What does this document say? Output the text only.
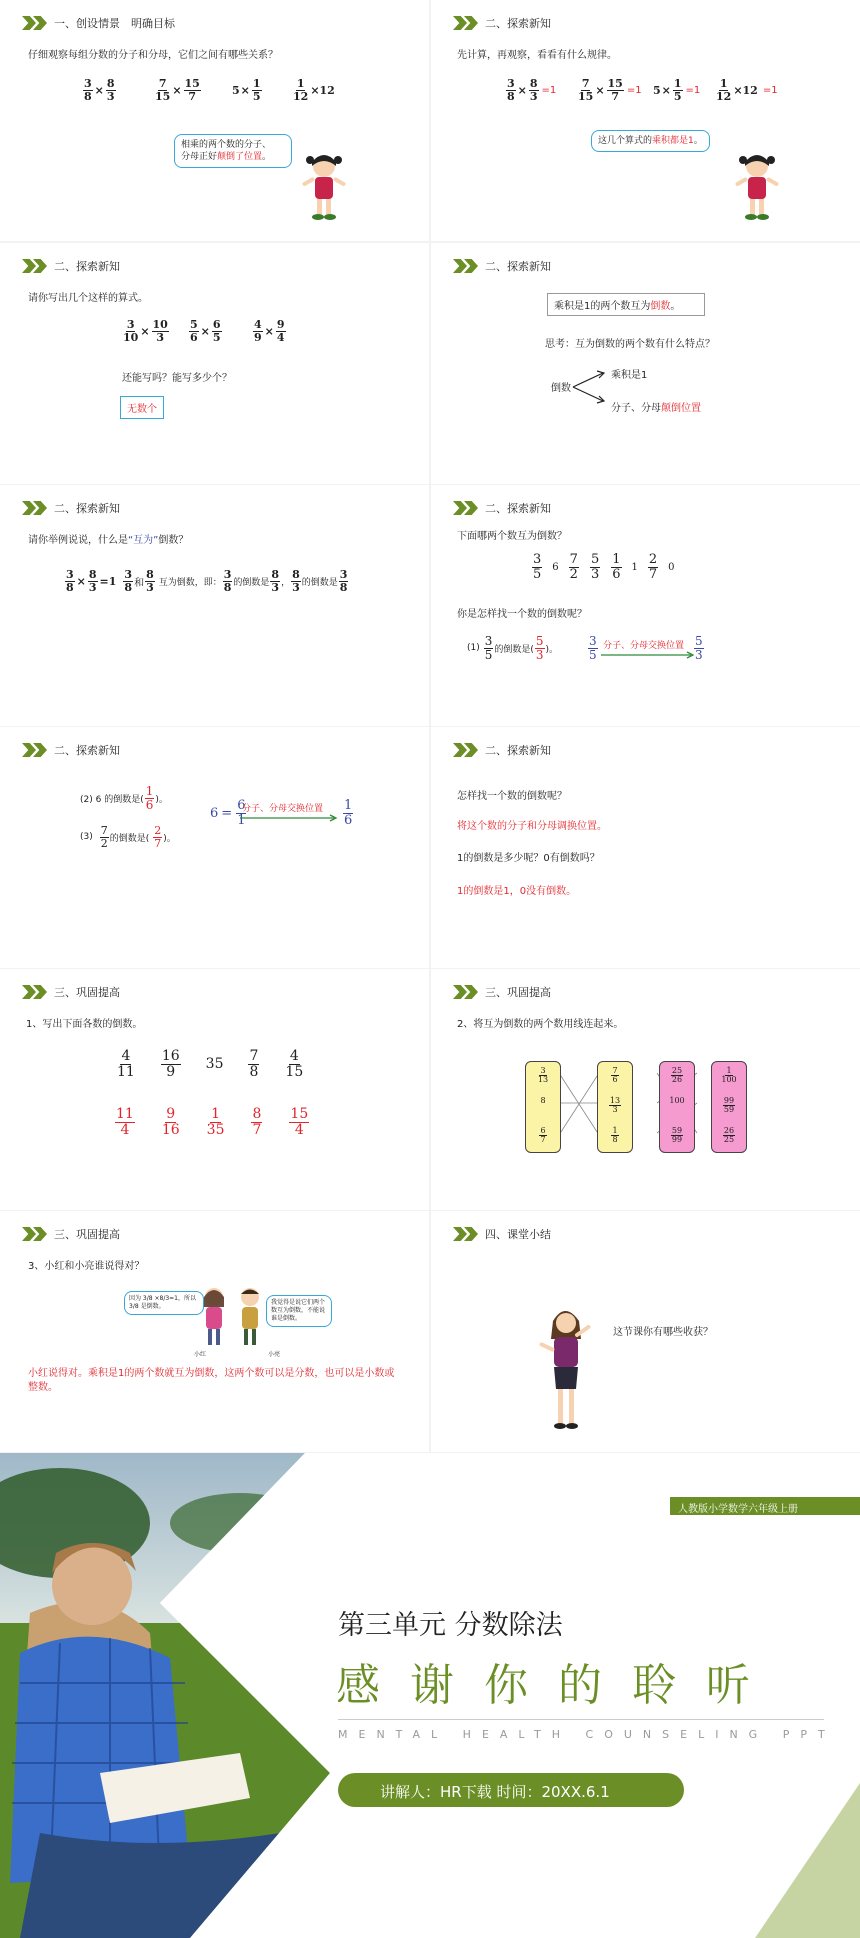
一、创设情景　明确目标
仔细观察每组分数的分子和分母，它们之间有哪些关系？
$\frac{3}{8} \times \frac{8}{3}$	$\frac{7}{15} \times \frac{15}{7}$	$5 \times \frac{1}{5}$	$\frac{1}{12} \times 12$
相乘的两个数的分子、
分母正好颠倒了位置。
二、探索新知
先计算，再观察，看看有什么规律。
$\frac{3}{8} \times \frac{8}{3} =1 \frac{7}{15} \times \frac{15}{7} =1$ $5 \times \frac{1}{5} =1 \frac{1}{12} \times 12 =1$
这几个算式的乘积都是1。
二、探索新知
请你写出几个这样的算式。
$\frac{3}{10} \times \frac{10}{3} \frac{5}{6} \times \frac{6}{5}$	$\frac{4}{9} \times \frac{9}{4}$
还能写吗？能写多少个？
无数个
二、探索新知
乘积是1的两个数互为倒数。
思考：互为倒数的两个数有什么特点？
倒数
乘积是1
分子、分母颠倒位置
二、探索新知
请你举例说说，什么是“互为”倒数？
$\frac{3}{8} \times \frac{8}{3} =1 \frac{3}{8}$ 和 $\frac{8}{3}$ 互为倒数，即： $\frac{3}{8}$ 的倒数是 $\frac{8}{3}$ ， $\frac{8}{3}$ 的倒数是 $\frac{3}{8}$
二、探索新知
下面哪两个数互为倒数？
$\frac{3}{5} 6 \frac{7}{2} \frac{5}{3} \frac{1}{6} 1 \frac{2}{7} 0$
你是怎样找一个数的倒数呢？
$(1) \frac{3}{5}$ 的倒数是( $\frac{5}{3}$ )。 $\frac{3}{5}$ 分子、分母交换位置 $\frac{5}{3}$
二、探索新知
(2) 6 的倒数是( $\frac{1}{6}$ )。
$(3) \frac{7}{2}$ 的倒数是( $\frac{2}{7}$ )。
$6 = \frac{6}{1}$
分子、分母交换位置 $\frac{1}{6}$
二、探索新知
怎样找一个数的倒数呢？
将这个数的分子和分母调换位置。
1的倒数是多少呢？0有倒数吗？
1的倒数是1，0没有倒数。
三、巩固提高
1、写出下面各数的倒数。
$\frac{4}{11} \frac{16}{9} 35 \frac{7}{8} \frac{4}{15}$
$\frac{11}{4} \frac{9}{16} \frac{1}{35} \frac{8}{7} \frac{15}{4}$
三、巩固提高
2、将互为倒数的两个数用线连起来。
$\frac{3}{13}$
8
$\frac{6}{7}$
$\frac{7}{6}$
$\frac{13}{3}$
$\frac{1}{8}$
$\frac{25}{26}$
100
$\frac{59}{99}$
$\frac{1}{100}$
$\frac{99}{59}$
$\frac{26}{25}$
三、巩固提高
3、小红和小亮谁说得对？
因为 3/8 ×8/3=1，所以 3/8 是倒数。
我觉得是说它们两个数互为倒数，不能说谁是倒数。
小红	小亮
小红说得对。乘积是1的两个数就互为倒数，这两个数可以是分数，也可以是小数或整数。
四、课堂小结
这节课你有哪些收获？
人教版小学数学六年级上册
第三单元 分数除法
感 谢 你 的 聆 听
MENTAL HEALTH COUNSELING PPT
讲解人：HR下载 时间：20XX.6.1
